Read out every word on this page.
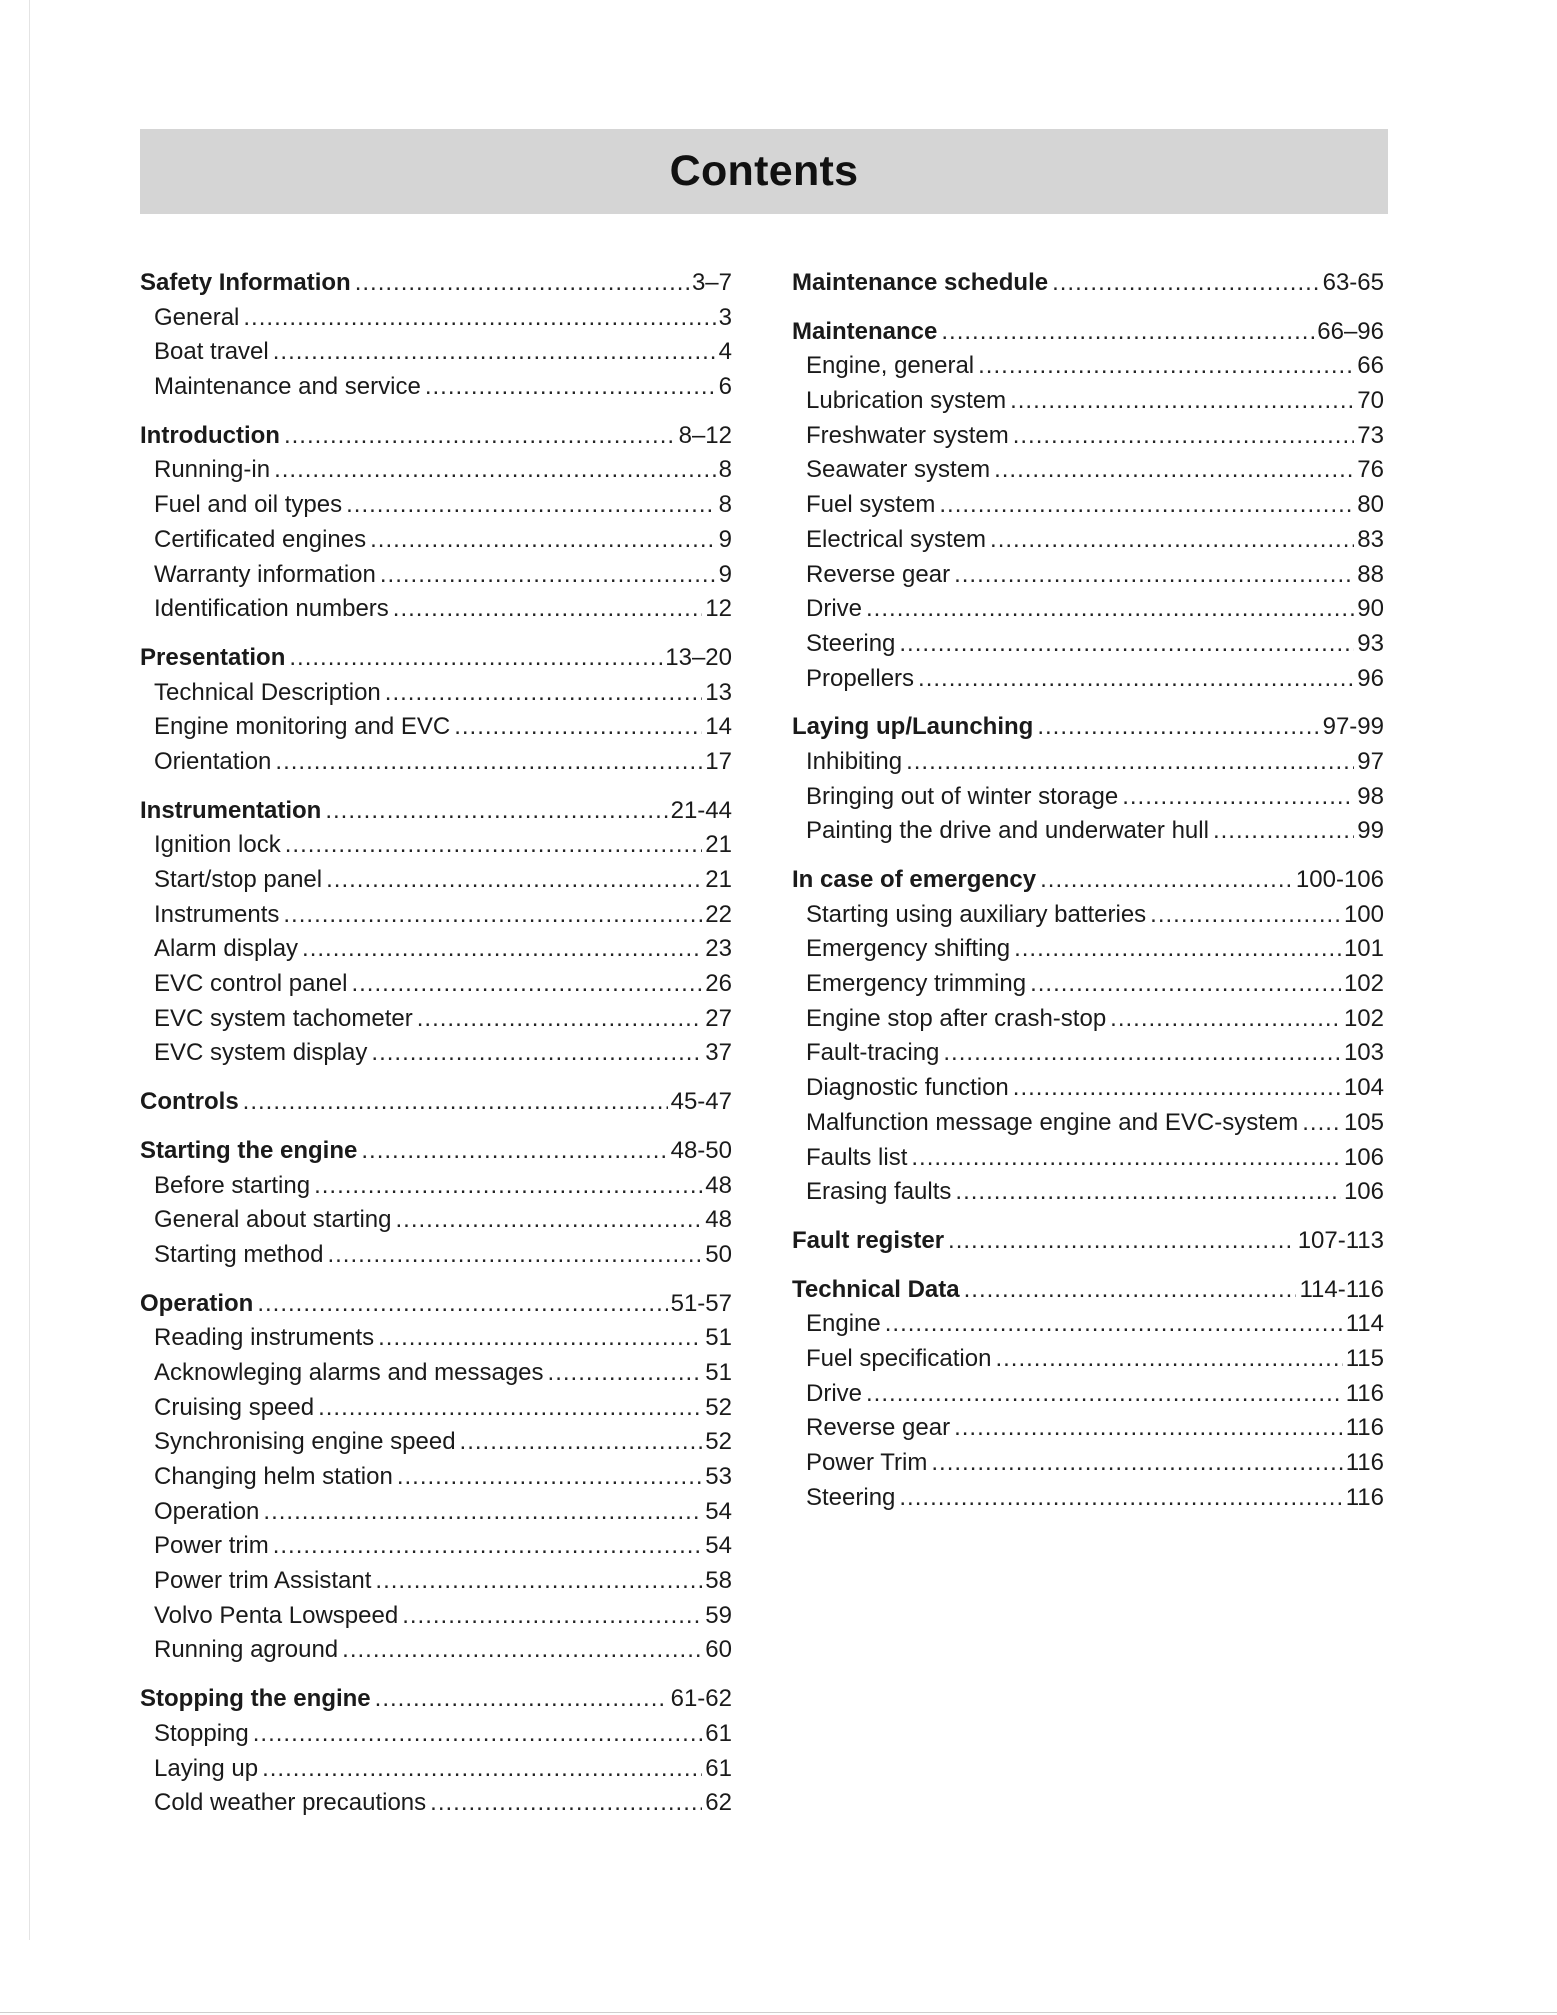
Contents
Safety Information .....	3–7
General .....	3
Boat travel .....	4
Maintenance and service .....	6
Introduction .....	8–12
Running-in .....	8
Fuel and oil types .....	8
Certificated engines .....	9
Warranty information .....	9
Identification numbers .....	12
Presentation .....	13–20
Technical Description .....	13
Engine monitoring and EVC .....	14
Orientation .....	17
Instrumentation .....	21-44
Ignition lock .....	21
Start/stop panel .....	21
Instruments .....	22
Alarm display .....	23
EVC control panel .....	26
EVC system tachometer .....	27
EVC system display .....	37
Controls .....	45-47
Starting the engine .....	48-50
Before starting .....	48
General about starting .....	48
Starting method .....	50
Operation .....	51-57
Reading instruments .....	51
Acknowleging alarms and messages .....	51
Cruising speed .....	52
Synchronising engine speed .....	52
Changing helm station .....	53
Operation .....	54
Power trim .....	54
Power trim Assistant .....	58
Volvo Penta Lowspeed .....	59
Running aground .....	60
Stopping the engine .....	61-62
Stopping .....	61
Laying up .....	61
Cold weather precautions .....	62
Maintenance schedule .....	63-65
Maintenance .....	66–96
Engine, general .....	66
Lubrication system .....	70
Freshwater system .....	73
Seawater system .....	76
Fuel system .....	80
Electrical system .....	83
Reverse gear .....	88
Drive .....	90
Steering .....	93
Propellers .....	96
Laying up/Launching .....	97-99
Inhibiting .....	97
Bringing out of winter storage .....	98
Painting the drive and underwater hull .....	99
In case of emergency .....	100-106
Starting using auxiliary batteries .....	100
Emergency shifting .....	101
Emergency trimming .....	102
Engine stop after crash-stop .....	102
Fault-tracing .....	103
Diagnostic function .....	104
Malfunction message engine and EVC-system ..... 105
Faults list .....	106
Erasing faults .....	106
Fault register .....	107-113
Technical Data .....	114-116
Engine .....	114
Fuel specification .....	115
Drive .....	116
Reverse gear .....	116
Power Trim .....	116
Steering .....	116
